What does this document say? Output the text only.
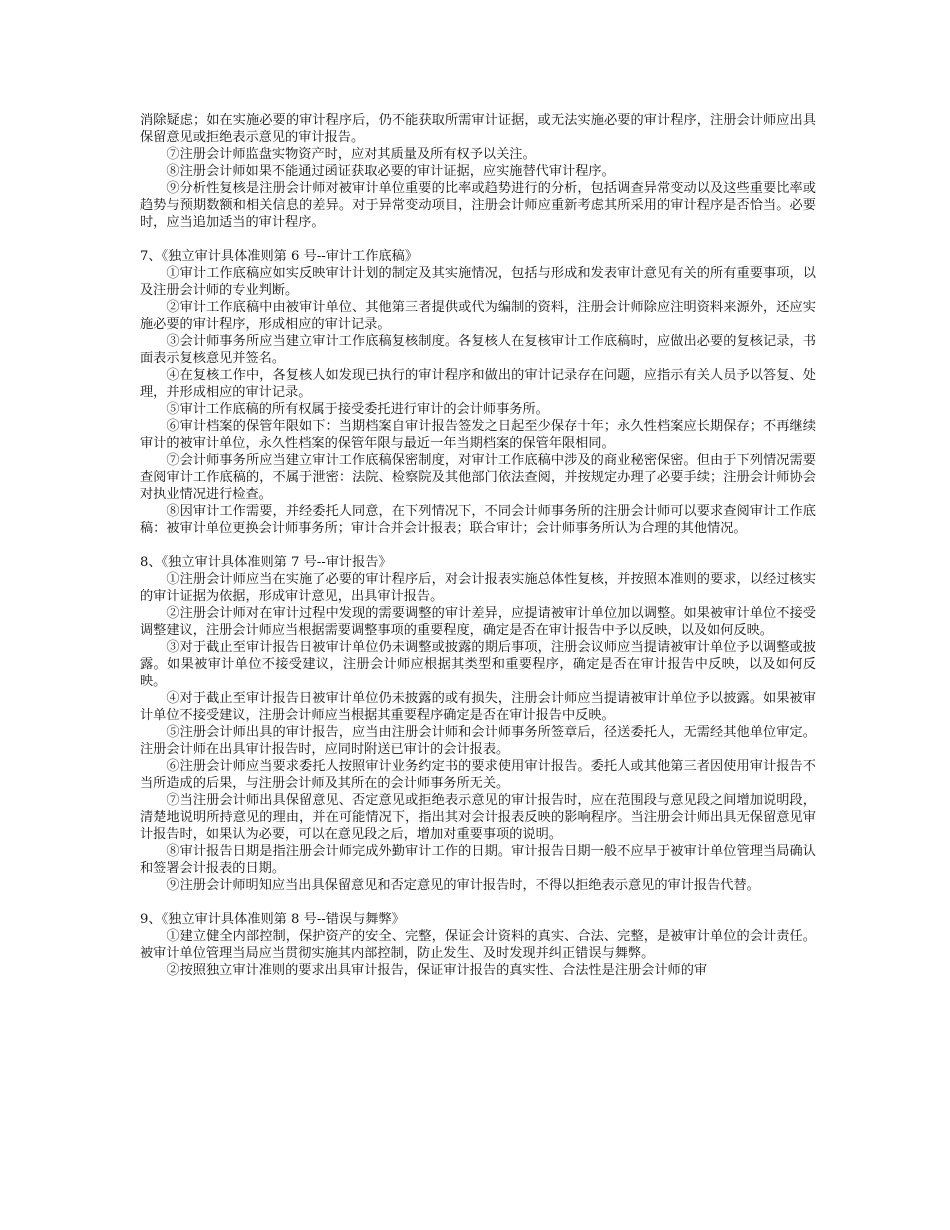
消除疑虑；如在实施必要的审计程序后，仍不能获取所需审计证据，或无法实施必要的审计程序，注册会计师应出具 保留意见或拒绝表示意见的审计报告。

⑦注册会计师监盘实物资产时，应对其质量及所有权予以关注。

⑧注册会计师如果不能通过函证获取必要的审计证据，应实施替代审计程序。

⑨分析性复核是注册会计师对被审计单位重要的比率或趋势进行的分析，包括调查异常变动以及这些重要比率或趋势与预期数额和相关信息的差异。对于异常变动项目，注册会计师应重新考虑其所采用的审计程序是否恰当。必要时，应当追加适当的审计程序。

7、《独立审计具体准则第 6 号--审计工作底稿》

①审计工作底稿应如实反映审计计划的制定及其实施情况，包括与形成和发表审计意见有关的所有重要事项，以及注册会计师的专业判断。

②审计工作底稿中由被审计单位、其他第三者提供或代为编制的资料，注册会计师除应注明资料来源外，还应实施必要的审计程序，形成相应的审计记录。

③会计师事务所应当建立审计工作底稿复核制度。各复核人在复核审计工作底稿时，应做出必要的复核记录，书面表示复核意见并签名。

④在复核工作中，各复核人如发现已执行的审计程序和做出的审计记录存在问题，应指示有关人员予以答复、处理，并形成相应的审计记录。

⑤审计工作底稿的所有权属于接受委托进行审计的会计师事务所。

⑥审计档案的保管年限如下：当期档案自审计报告签发之日起至少保存十年；永久性档案应长期保存；不再继续审计的被审计单位，永久性档案的保管年限与最近一年当期档案的保管年限相同。

⑦会计师事务所应当建立审计工作底稿保密制度，对审计工作底稿中涉及的商业秘密保密。但由于下列情况需要查阅审计工作底稿的，不属于泄密：法院、检察院及其他部门依法查阅，并按规定办理了必要手续；注册会计师协会对执业情况进行检查。

⑧因审计工作需要，并经委托人同意，在下列情况下，不同会计师事务所的注册会计师可以要求查阅审计工作底稿：被审计单位更换会计师事务所；审计合并会计报表；联合审计；会计师事务所认为合理的其他情况。

8、《独立审计具体准则第 7 号--审计报告》

①注册会计师应当在实施了必要的审计程序后，对会计报表实施总体性复核，并按照本准则的要求，以经过核实的审计证据为依据，形成审计意见，出具审计报告。

②注册会计师对在审计过程中发现的需要调整的审计差异，应提请被审计单位加以调整。如果被审计单位不接受调整建议，注册会计师应当根据需要调整事项的重要程度，确定是否在审计报告中予以反映，以及如何反映。

③对于截止至审计报告日被审计单位仍未调整或披露的期后事项，注册会议师应当提请被审计单位予以调整或披露。如果被审计单位不接受建议，注册会计师应根据其类型和重要程序，确定是否在审计报告中反映，以及如何反映。

④对于截止至审计报告日被审计单位仍未披露的或有损失，注册会计师应当提请被审计单位予以披露。如果被审计单位不接受建议，注册会计师应当根据其重要程序确定是否在审计报告中反映。

⑤注册会计师出具的审计报告，应当由注册会计师和会计师事务所签章后，径送委托人，无需经其他单位审定。注册会计师在出具审计报告时，应同时附送已审计的会计报表。

⑥注册会计师应当要求委托人按照审计业务约定书的要求使用审计报告。委托人或其他第三者因使用审计报告不当所造成的后果，与注册会计师及其所在的会计师事务所无关。

⑦当注册会计师出具保留意见、否定意见或拒绝表示意见的审计报告时，应在范围段与意见段之间增加说明段，清楚地说明所持意见的理由，并在可能情况下，指出其对会计报表反映的影响程序。当注册会计师出具无保留意见审计报告时，如果认为必要，可以在意见段之后，增加对重要事项的说明。

⑧审计报告日期是指注册会计师完成外勤审计工作的日期。审计报告日期一般不应早于被审计单位管理当局确认和签署会计报表的日期。

⑨注册会计师明知应当出具保留意见和否定意见的审计报告时，不得以拒绝表示意见的审计报告代替。

9、《独立审计具体准则第 8 号--错误与舞弊》

①建立健全内部控制，保护资产的安全、完整，保证会计资料的真实、合法、完整，是被审计单位的会计责任。被审计单位管理当局应当贯彻实施其内部控制，防止发生、及时发现并纠正错误与舞弊。

②按照独立审计准则的要求出具审计报告，保证审计报告的真实性、合法性是注册会计师的审
